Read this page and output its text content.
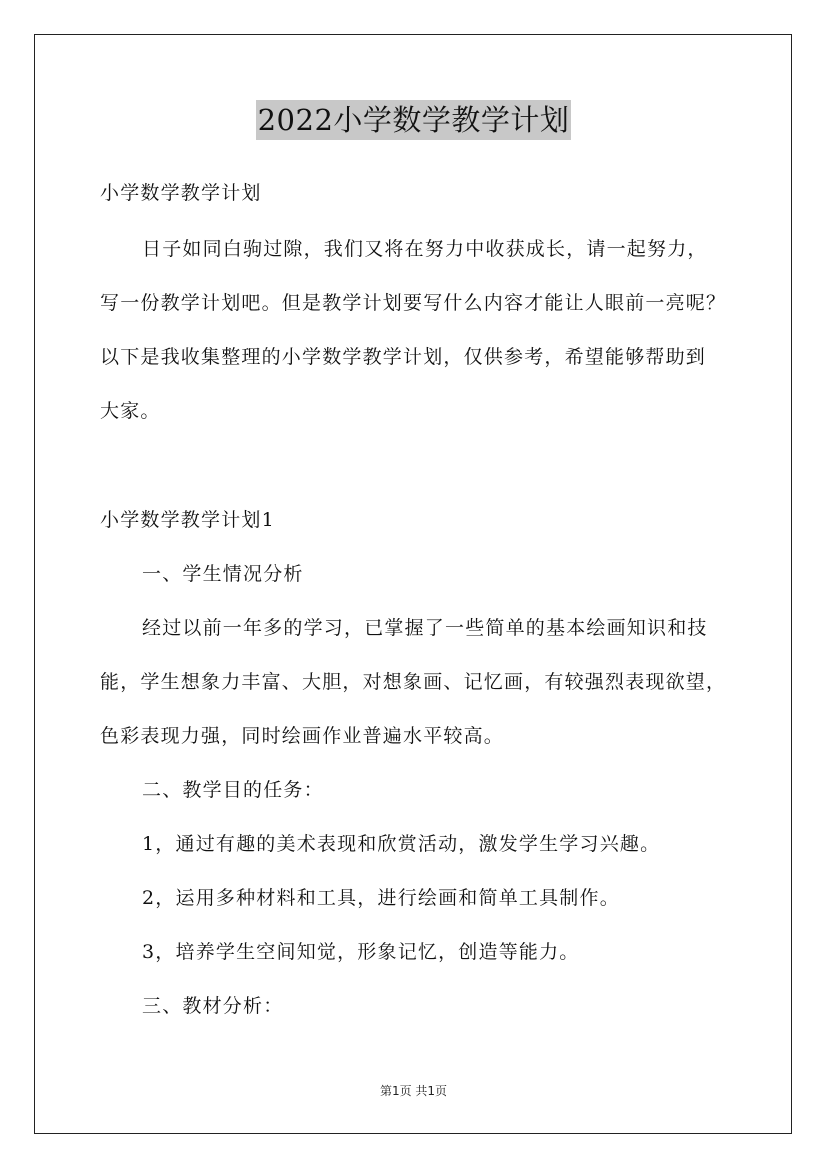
2022小学数学教学计划
小学数学教学计划
日子如同白驹过隙，我们又将在努力中收获成长，请一起努力，
写一份教学计划吧。但是教学计划要写什么内容才能让人眼前一亮呢？
以下是我收集整理的小学数学教学计划，仅供参考，希望能够帮助到
大家。
小学数学教学计划1
一、学生情况分析
经过以前一年多的学习，已掌握了一些简单的基本绘画知识和技
能，学生想象力丰富、大胆，对想象画、记忆画，有较强烈表现欲望，
色彩表现力强，同时绘画作业普遍水平较高。
二、教学目的任务：
1，通过有趣的美术表现和欣赏活动，激发学生学习兴趣。
2，运用多种材料和工具，进行绘画和简单工具制作。
3，培养学生空间知觉，形象记忆，创造等能力。
三、教材分析：
第1页 共1页
